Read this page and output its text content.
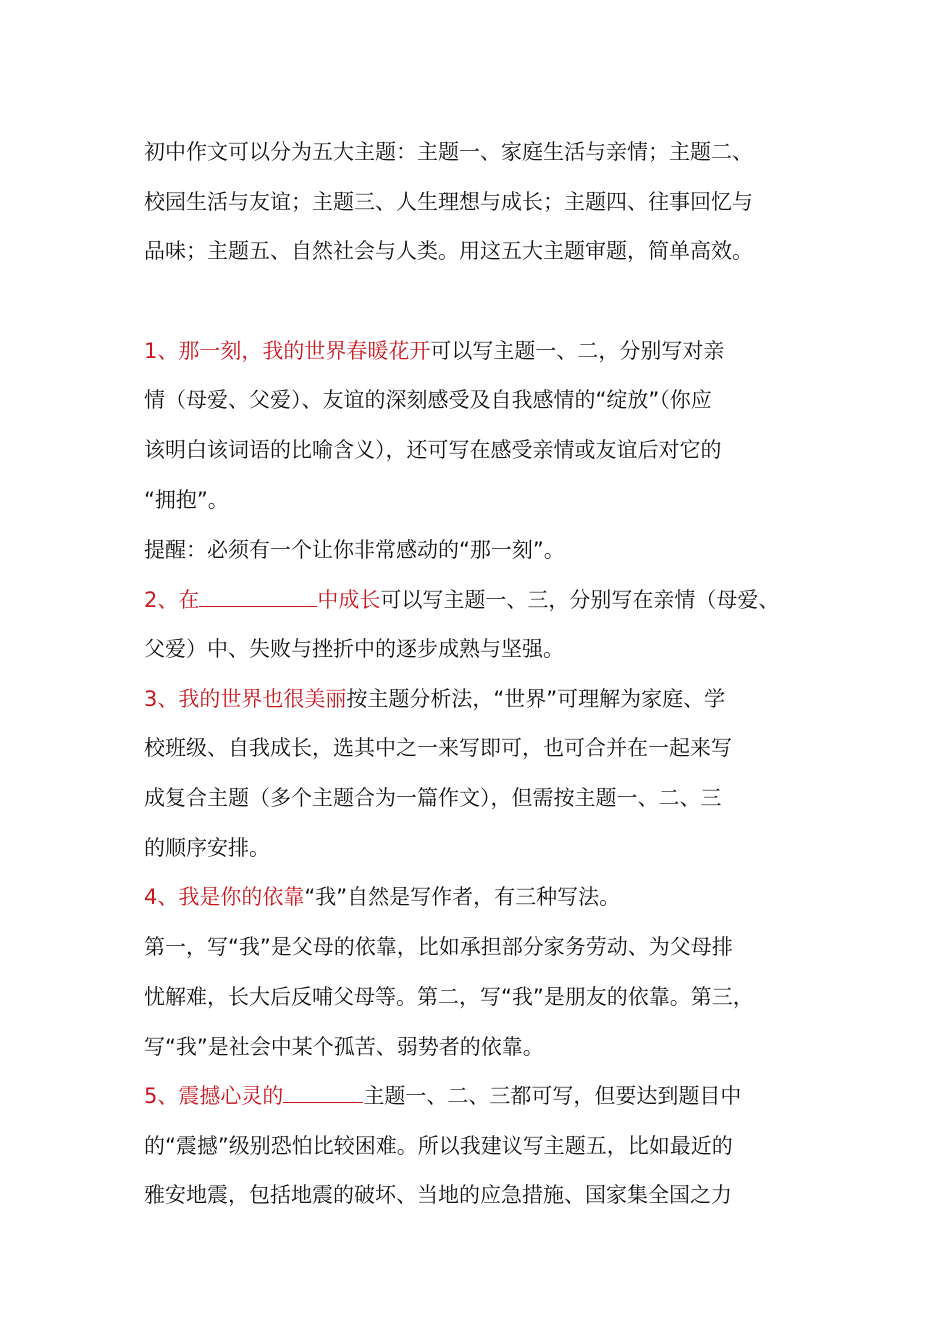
初中作文可以分为五大主题：主题一、家庭生活与亲情；主题二、
校园生活与友谊；主题三、人生理想与成长；主题四、往事回忆与
品味；主题五、自然社会与人类。用这五大主题审题，简单高效。
1、那一刻，我的世界春暖花开可以写主题一、二，分别写对亲
情（母爱、父爱）、友谊的深刻感受及自我感情的“绽放”（你应
该明白该词语的比喻含义），还可写在感受亲情或友谊后对它的
“拥抱”。
提醒：必须有一个让你非常感动的“那一刻”。
2、在	中成长可以写主题一、三，分别写在亲情（母爱、
父爱）中、失败与挫折中的逐步成熟与坚强。
3、我的世界也很美丽按主题分析法，“世界”可理解为家庭、学
校班级、自我成长，选其中之一来写即可，也可合并在一起来写
成复合主题（多个主题合为一篇作文），但需按主题一、二、三
的顺序安排。
4、我是你的依靠“我”自然是写作者，有三种写法。
第一，写“我”是父母的依靠，比如承担部分家务劳动、为父母排
忧解难，长大后反哺父母等。第二，写“我”是朋友的依靠。第三，
写“我”是社会中某个孤苦、弱势者的依靠。
5、震撼心灵的	主题一、二、三都可写，但要达到题目中
的“震撼”级别恐怕比较困难。所以我建议写主题五，比如最近的
雅安地震，包括地震的破坏、当地的应急措施、国家集全国之力
